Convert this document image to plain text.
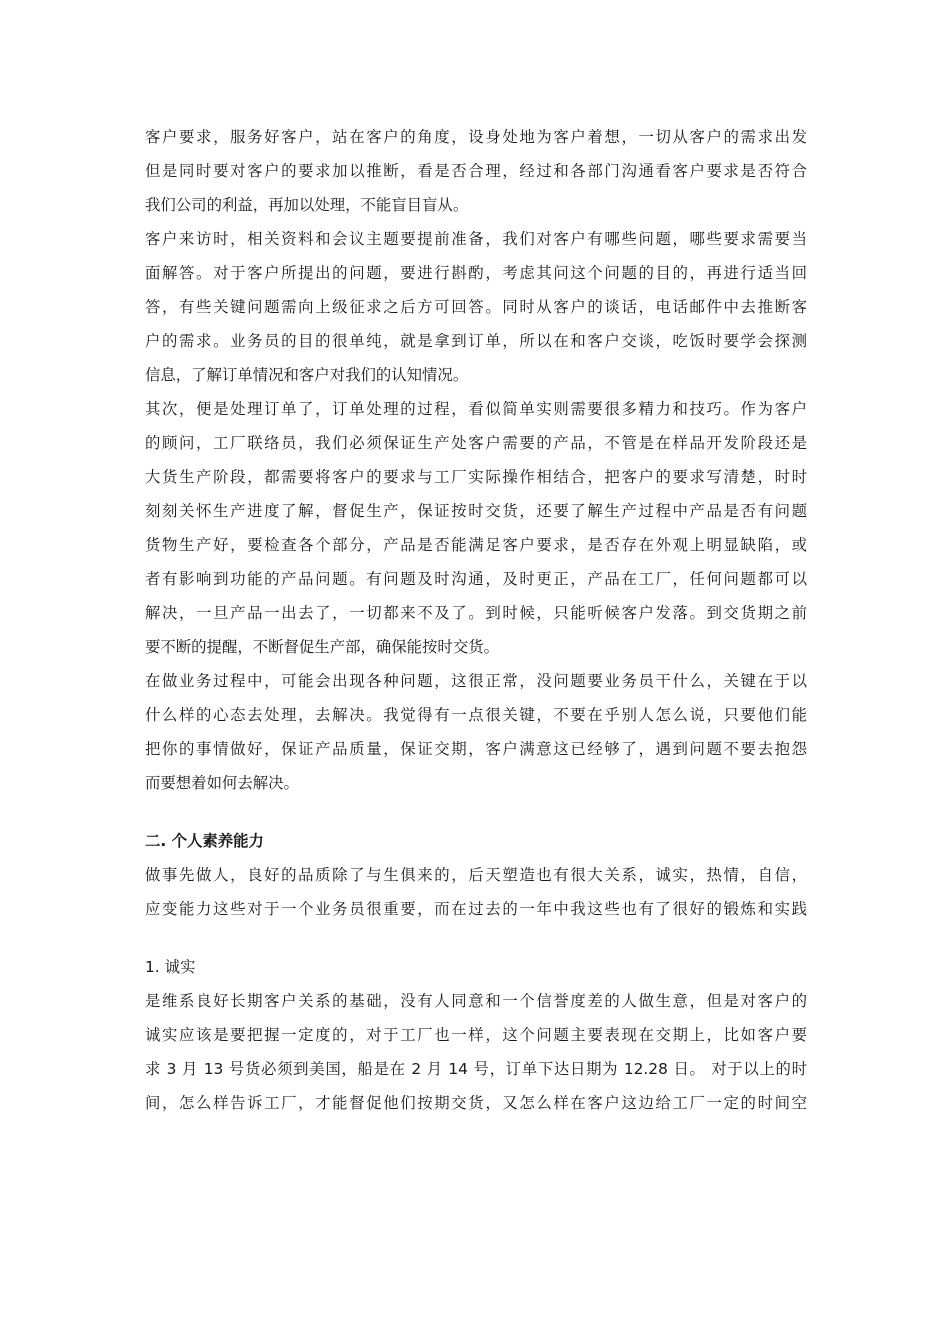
客户要求，服务好客户，站在客户的角度，设身处地为客户着想，一切从客户的需求出发
但是同时要对客户的要求加以推断，看是否合理，经过和各部门沟通看客户要求是否符合
我们公司的利益，再加以处理，不能盲目盲从。
客户来访时，相关资料和会议主题要提前准备，我们对客户有哪些问题，哪些要求需要当
面解答。对于客户所提出的问题，要进行斟酌，考虑其问这个问题的目的，再进行适当回
答，有些关键问题需向上级征求之后方可回答。同时从客户的谈话，电话邮件中去推断客
户的需求。业务员的目的很单纯，就是拿到订单，所以在和客户交谈，吃饭时要学会探测
信息，了解订单情况和客户对我们的认知情况。
其次，便是处理订单了，订单处理的过程，看似简单实则需要很多精力和技巧。作为客户
的顾问，工厂联络员，我们必须保证生产处客户需要的产品，不管是在样品开发阶段还是
大货生产阶段，都需要将客户的要求与工厂实际操作相结合，把客户的要求写清楚，时时
刻刻关怀生产进度了解，督促生产，保证按时交货，还要了解生产过程中产品是否有问题
货物生产好，要检查各个部分，产品是否能满足客户要求，是否存在外观上明显缺陷，或
者有影响到功能的产品问题。有问题及时沟通，及时更正，产品在工厂，任何问题都可以
解决，一旦产品一出去了，一切都来不及了。到时候，只能听候客户发落。到交货期之前
要不断的提醒，不断督促生产部，确保能按时交货。
在做业务过程中，可能会出现各种问题，这很正常，没问题要业务员干什么，关键在于以
什么样的心态去处理，去解决。我觉得有一点很关键，不要在乎别人怎么说，只要他们能
把你的事情做好，保证产品质量，保证交期，客户满意这已经够了，遇到问题不要去抱怨
而要想着如何去解决。
二. 个人素养能力
做事先做人，良好的品质除了与生俱来的，后天塑造也有很大关系，诚实，热情，自信，
应变能力这些对于一个业务员很重要，而在过去的一年中我这些也有了很好的锻炼和实践
1. 诚实
是维系良好长期客户关系的基础，没有人同意和一个信誉度差的人做生意，但是对客户的
诚实应该是要把握一定度的，对于工厂也一样，这个问题主要表现在交期上，比如客户要
求 3 月 13 号货必须到美国，船是在 2 月 14 号，订单下达日期为 12.28 日。 对于以上的时
间，怎么样告诉工厂，才能督促他们按期交货，又怎么样在客户这边给工厂一定的时间空
